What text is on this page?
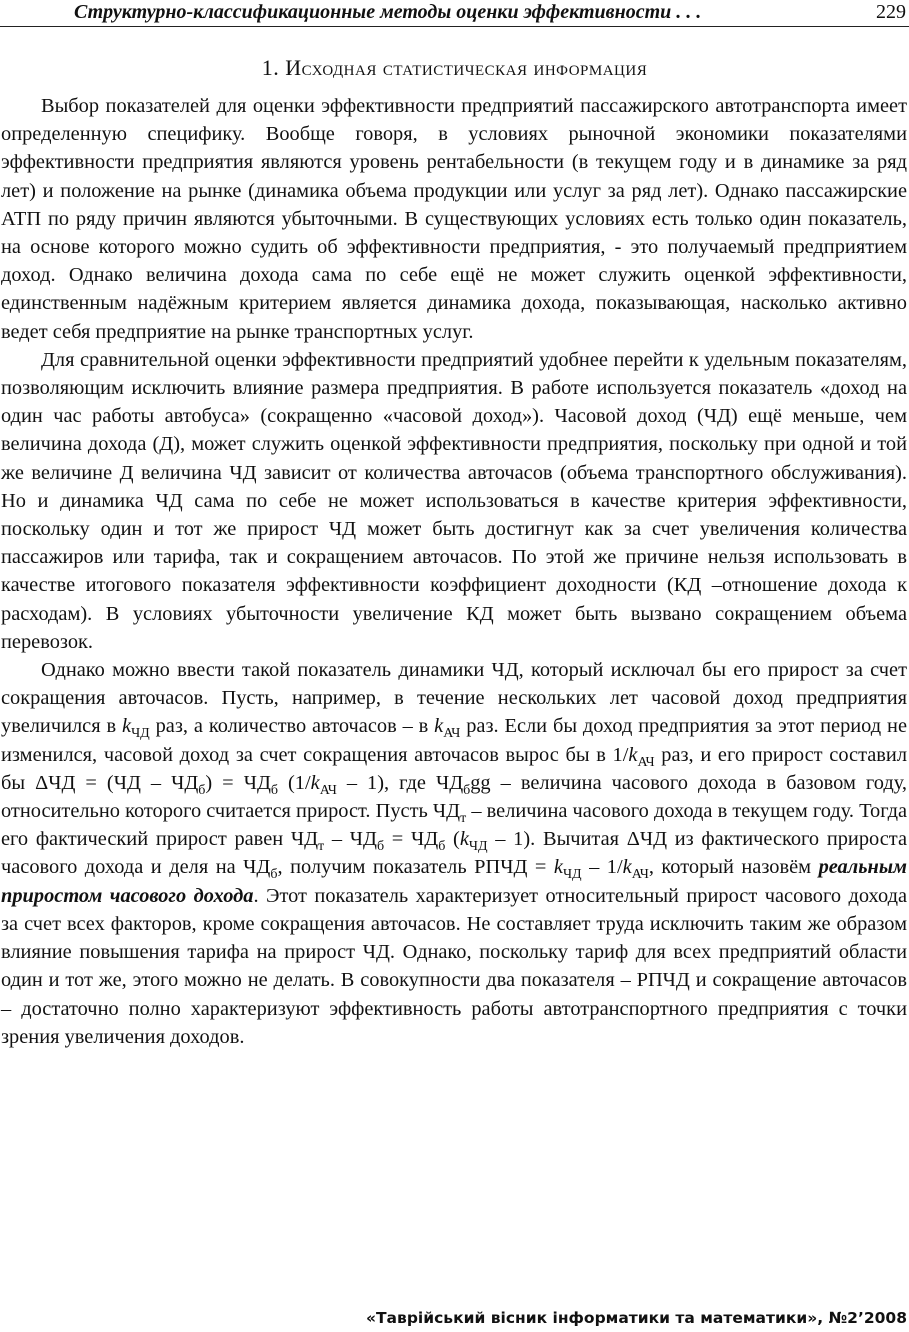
Структурно-классификационные методы оценки эффективности . . .	229
1. Исходная статистическая информация

Выбор показателей для оценки эффективности предприятий пассажирского автотранспорта имеет определенную специфику. Вообще говоря, в условиях рыночной экономики показателями эффективности предприятия являются уровень рентабельности (в текущем году и в динамике за ряд лет) и положение на рынке (динамика объема продукции или услуг за ряд лет). Однако пассажирские АТП по ряду причин являются убыточными. В существующих условиях есть только один показатель, на основе которого можно судить об эффективности предприятия, - это получаемый предприятием доход. Однако величина дохода сама по себе ещё не может служить оценкой эффективности, единственным надёжным критерием является динамика дохода, показывающая, насколько активно ведет себя предприятие на рынке транспортных услуг.

Для сравнительной оценки эффективности предприятий удобнее перейти к удельным показателям, позволяющим исключить влияние размера предприятия. В работе используется показатель «доход на один час работы автобуса» (сокращенно «часовой доход»). Часовой доход (ЧД) ещё меньше, чем величина дохода (Д), может служить оценкой эффективности предприятия, поскольку при одной и той же величине Д величина ЧД зависит от количества авточасов (объема транспортного обслуживания). Но и динамика ЧД сама по себе не может использоваться в качестве критерия эффективности, поскольку один и тот же прирост ЧД может быть достигнут как за счет увеличения количества пассажиров или тарифа, так и сокращением авточасов. По этой же причине нельзя использовать в качестве итогового показателя эффективности коэффициент доходности (КД –отношение дохода к расходам). В условиях убыточности увеличение КД может быть вызвано сокращением объема перевозок.

Однако можно ввести такой показатель динамики ЧД, который исключал бы его прирост за счет сокращения авточасов. Пусть, например, в течение нескольких лет часовой доход предприятия увеличился в $k_{ЧД}$ раз, а количество авточасов – в $k_{АЧ}$ раз. Если бы доход предприятия за этот период не изменился, часовой доход за счет сокращения авточасов вырос бы в $1/k_{АЧ}$ раз, и его прирост составил бы $\Delta ЧД = (ЧД - ЧД_б) = ЧД_б$ $(1/k_{АЧ} - 1)$, где $ЧД_бgg$ – величина часового дохода в базовом году, относительно которого считается прирост. Пусть $ЧД_т$ – величина часового дохода в текущем году. Тогда его фактический прирост равен $ЧД_т - ЧД_б = ЧД_б$ $(k_{ЧД} - 1)$. Вычитая ΔЧД из фактического прироста часового дохода и деля на $ЧД_б$, получим показатель РПЧД = $k_{ЧД} - 1/k_{АЧ}$, который назовём реальным приростом часового дохода. Этот показатель характеризует относительный прирост часового дохода за счет всех факторов, кроме сокращения авточасов. Не составляет труда исключить таким же образом влияние повышения тарифа на прирост ЧД. Однако, поскольку тариф для всех предприятий области один и тот же, этого можно не делать. В совокупности два показателя – РПЧД и сокращение авточасов – достаточно полно характеризуют эффективность работы автотранспортного предприятия с точки зрения увеличения доходов.

«Таврійський вісник інформатики та математики», №2’2008
